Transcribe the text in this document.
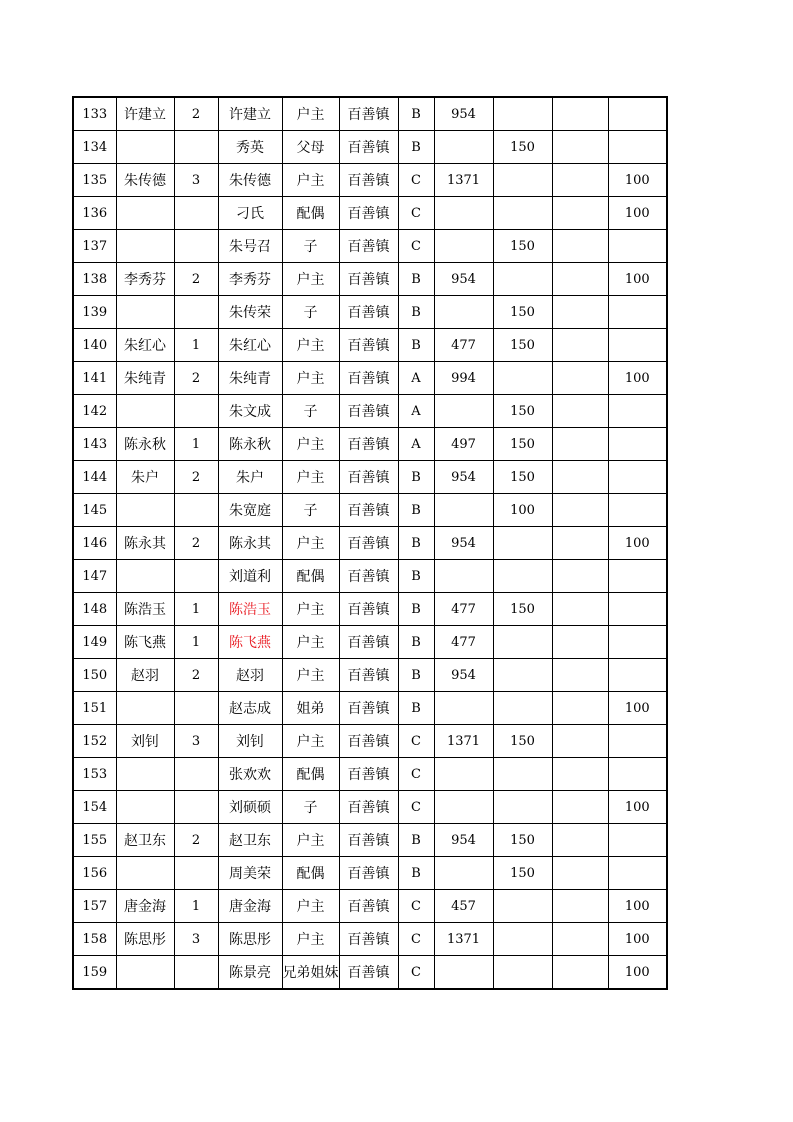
133	许建立	2	许建立	户主	百善镇	B	954			
134			秀英	父母	百善镇	B		150		
135	朱传德	3	朱传德	户主	百善镇	C	1371			100
136			刁氏	配偶	百善镇	C				100
137			朱号召	子	百善镇	C		150		
138	李秀芬	2	李秀芬	户主	百善镇	B	954			100
139			朱传荣	子	百善镇	B		150		
140	朱红心	1	朱红心	户主	百善镇	B	477	150		
141	朱纯青	2	朱纯青	户主	百善镇	A	994			100
142			朱文成	子	百善镇	A		150		
143	陈永秋	1	陈永秋	户主	百善镇	A	497	150		
144	朱户	2	朱户	户主	百善镇	B	954	150		
145			朱宽庭	子	百善镇	B		100		
146	陈永其	2	陈永其	户主	百善镇	B	954			100
147			刘道利	配偶	百善镇	B				
148	陈浩玉	1	陈浩玉	户主	百善镇	B	477	150		
149	陈飞燕	1	陈飞燕	户主	百善镇	B	477			
150	赵羽	2	赵羽	户主	百善镇	B	954			
151			赵志成	姐弟	百善镇	B				100
152	刘钊	3	刘钊	户主	百善镇	C	1371	150		
153			张欢欢	配偶	百善镇	C				
154			刘硕硕	子	百善镇	C				100
155	赵卫东	2	赵卫东	户主	百善镇	B	954	150		
156			周美荣	配偶	百善镇	B		150		
157	唐金海	1	唐金海	户主	百善镇	C	457			100
158	陈思彤	3	陈思彤	户主	百善镇	C	1371			100
159			陈景亮	兄弟姐妹	百善镇	C				100
